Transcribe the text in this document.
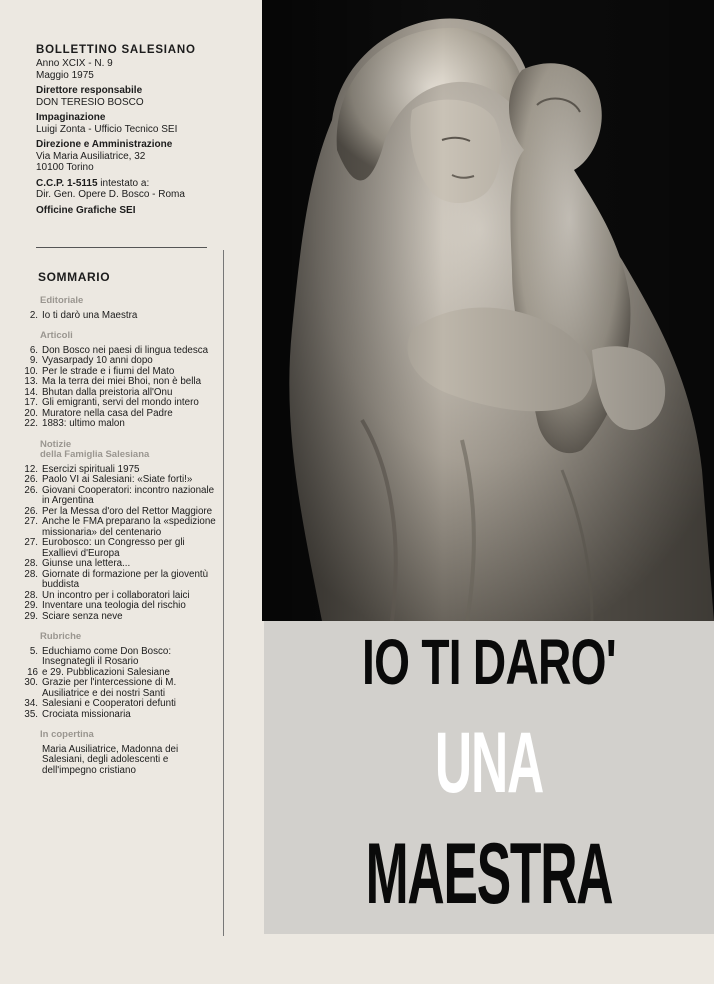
BOLLETTINO SALESIANO
Anno XCIX - N. 9
Maggio 1975
Direttore responsabile
DON TERESIO BOSCO
Impaginazione
Luigi Zonta - Ufficio Tecnico SEI
Direzione e Amministrazione
Via Maria Ausiliatrice, 32
10100 Torino
C.C.P. 1-5115 intestato a:
Dir. Gen. Opere D. Bosco - Roma
Officine Grafiche SEI
SOMMARIO
Editoriale
2. Io ti darò una Maestra
Articoli
6. Don Bosco nei paesi di lingua tedesca
9. Vyasarpady 10 anni dopo
10. Per le strade e i fiumi del Mato
13. Ma la terra dei miei Bhoi, non è bella
14. Bhutan dalla preistoria all'Onu
17. Gli emigranti, servi del mondo intero
20. Muratore nella casa del Padre
22. 1883: ultimo malon
Notizie
della Famiglia Salesiana
12. Esercizi spirituali 1975
26. Paolo VI ai Salesiani: «Siate forti!»
26. Giovani Cooperatori: incontro nazionale in Argentina
26. Per la Messa d'oro del Rettor Maggiore
27. Anche le FMA preparano la «spedizione missionaria» del centenario
27. Eurobosco: un Congresso per gli Exallievi d'Europa
28. Giunse una lettera...
28. Giornate di formazione per la gioventù buddista
28. Un incontro per i collaboratori laici
29. Inventare una teologia del rischio
29. Sciare senza neve
Rubriche
5. Educhiamo come Don Bosco: Insegnategli il Rosario
16 e 29. Pubblicazioni Salesiane
30. Grazie per l'intercessione di M. Ausiliatrice e dei nostri Santi
34. Salesiani e Cooperatori defunti
35. Crociata missionaria
In copertina
Maria Ausiliatrice, Madonna dei Salesiani, degli adolescenti e dell'impegno cristiano
IO TI DARO'
UNA
MAESTRA
